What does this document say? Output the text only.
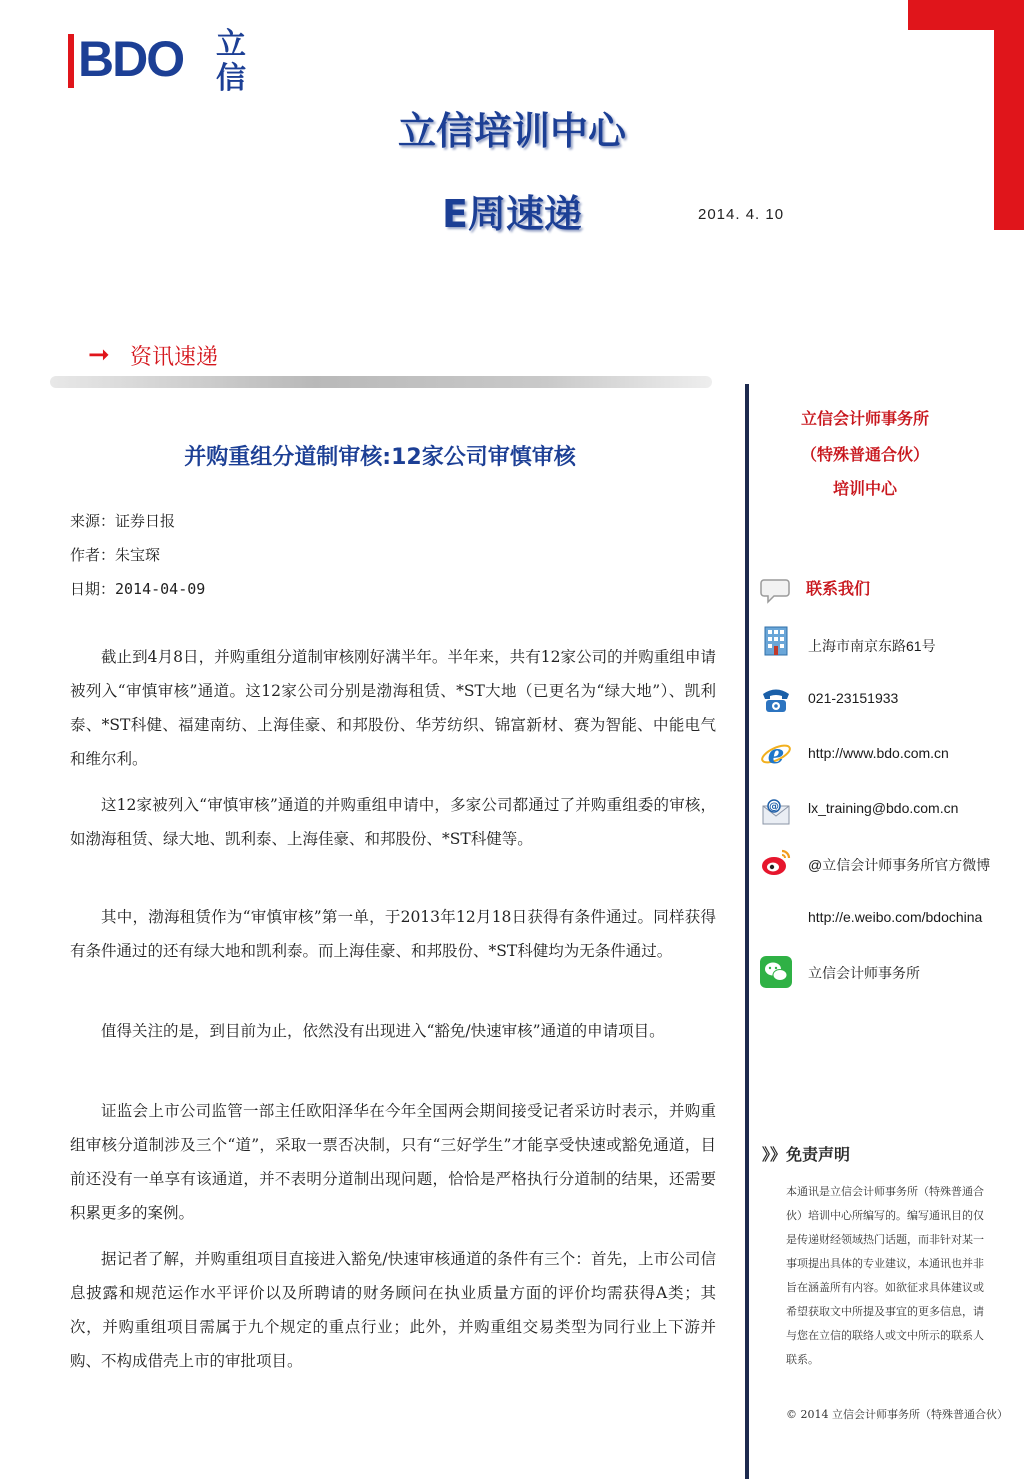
BDO 立信
立信培训中心
E周速递	2014. 4. 10
➞ 资讯速递
并购重组分道制审核:12家公司审慎审核
来源：证券日报
作者：朱宝琛
日期：2014-04-09

截止到4月8日，并购重组分道制审核刚好满半年。半年来，共有12家公司的并购重组申请被列入“审慎审核”通道。这12家公司分别是渤海租赁、*ST大地（已更名为“绿大地”）、凯利泰、*ST科健、福建南纺、上海佳豪、和邦股份、华芳纺织、锦富新材、赛为智能、中能电气和维尔利。

这12家被列入“审慎审核”通道的并购重组申请中，多家公司都通过了并购重组委的审核，如渤海租赁、绿大地、凯利泰、上海佳豪、和邦股份、*ST科健等。

其中，渤海租赁作为“审慎审核”第一单，于2013年12月18日获得有条件通过。同样获得有条件通过的还有绿大地和凯利泰。而上海佳豪、和邦股份、*ST科健均为无条件通过。

值得关注的是，到目前为止，依然没有出现进入“豁免/快速审核”通道的申请项目。

证监会上市公司监管一部主任欧阳泽华在今年全国两会期间接受记者采访时表示，并购重组审核分道制涉及三个“道”，采取一票否决制，只有“三好学生”才能享受快速或豁免通道，目前还没有一单享有该通道，并不表明分道制出现问题，恰恰是严格执行分道制的结果，还需要积累更多的案例。

据记者了解，并购重组项目直接进入豁免/快速审核通道的条件有三个：首先，上市公司信息披露和规范运作水平评价以及所聘请的财务顾问在执业质量方面的评价均需获得A类；其次，并购重组项目需属于九个规定的重点行业；此外，并购重组交易类型为同行业上下游并购、不构成借壳上市的审批项目。

立信会计师事务所
（特殊普通合伙）
培训中心
联系我们
上海市南京东路61号
021-23151933
e http://www.bdo.com.cn
@ lx_training@bdo.com.cn
@立信会计师事务所官方微博
http://e.weibo.com/bdochina
立信会计师事务所
》》免责声明

本通讯是立信会计师事务所（特殊普通合伙）培训中心所编写的。编写通讯目的仅是传递财经领域热门话题，而非针对某一事项提出具体的专业建议，本通讯也并非旨在涵盖所有内容。如欲征求具体建议或希望获取文中所提及事宜的更多信息，请与您在立信的联络人或文中所示的联系人联系。

© 2014 立信会计师事务所（特殊普通合伙）
